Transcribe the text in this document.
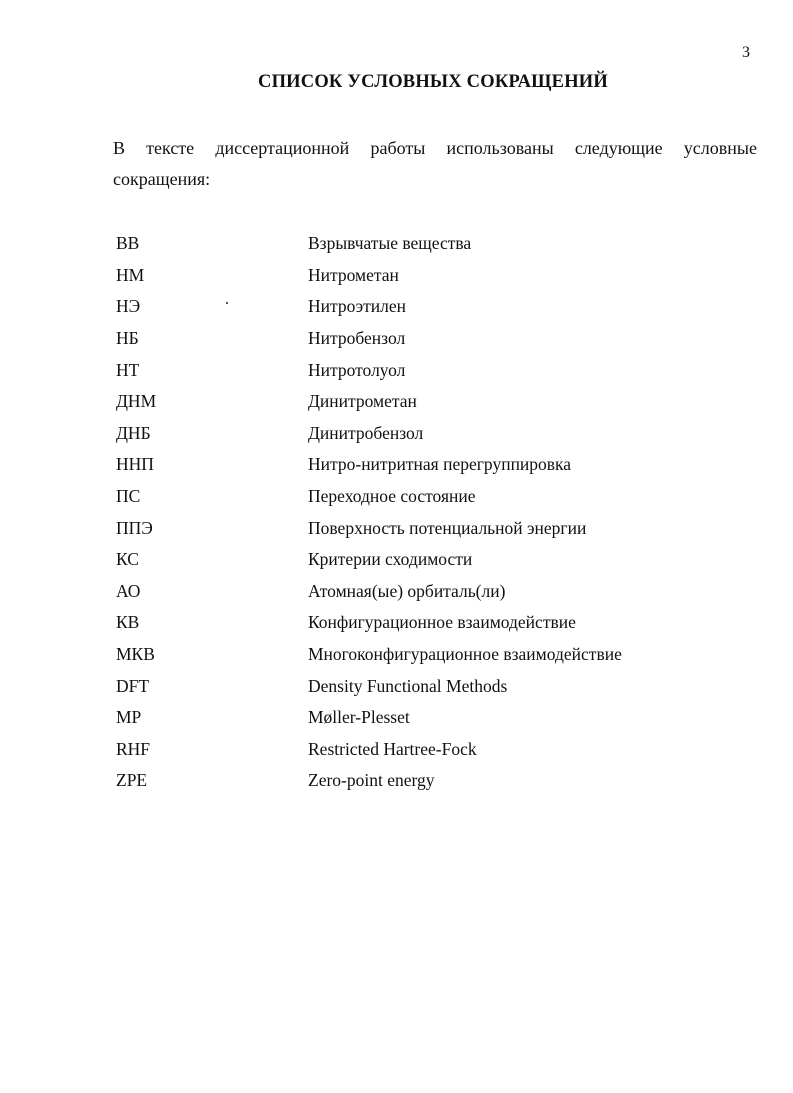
3
СПИСОК УСЛОВНЫХ СОКРАЩЕНИЙ
В тексте диссертационной работы использованы следующие условные сокращения:
ВВ	Взрывчатые вещества
НМ	Нитрометан
НЭ	Нитроэтилен
НБ	Нитробензол
НТ	Нитротолуол
ДНМ	Динитрометан
ДНБ	Динитробензол
ННП	Нитро-нитритная перегруппировка
ПС	Переходное состояние
ППЭ	Поверхность потенциальной энергии
КС	Критерии сходимости
АО	Атомная(ые) орбиталь(ли)
КВ	Конфигурационное взаимодействие
МКВ	Многоконфигурационное взаимодействие
DFT	Density Functional Methods
MP	Møller-Plesset
RHF	Restricted Hartree-Fock
ZPE	Zero-point energy
